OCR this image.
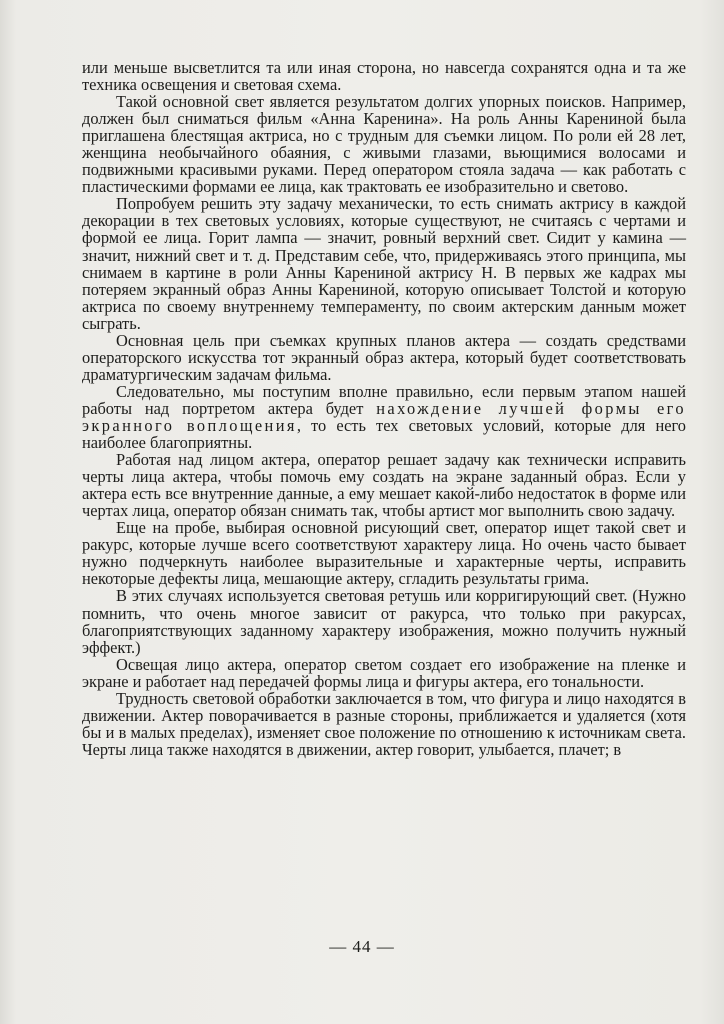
или меньше высветлится та или иная сторона, но навсегда сохранятся одна и та же техника освещения и световая схема.

Такой основной свет является результатом долгих упорных поисков. Например, должен был сниматься фильм «Анна Каренина». На роль Анны Карениной была приглашена блестящая актриса, но с трудным для съемки лицом. По роли ей 28 лет, женщина необычайного обаяния, с живыми глазами, вьющимися волосами и подвижными красивыми руками. Перед оператором стояла задача — как работать с пластическими формами ее лица, как трактовать ее изобразительно и светово.

Попробуем решить эту задачу механически, то есть снимать актрису в каждой декорации в тех световых условиях, которые существуют, не считаясь с чертами и формой ее лица. Горит лампа — значит, ровный верхний свет. Сидит у камина — значит, нижний свет и т. д. Представим себе, что, придерживаясь этого принципа, мы снимаем в картине в роли Анны Карениной актрису Н. В первых же кадрах мы потеряем экранный образ Анны Карениной, которую описывает Толстой и которую актриса по своему внутреннему темпераменту, по своим актерским данным может сыграть.

Основная цель при съемках крупных планов актера — создать средствами операторского искусства тот экранный образ актера, который будет соответствовать драматургическим задачам фильма.

Следовательно, мы поступим вполне правильно, если первым этапом нашей работы над портретом актера будет нахождение лучшей формы его экранного воплощения, то есть тех световых условий, которые для него наиболее благоприятны.

Работая над лицом актера, оператор решает задачу как технически исправить черты лица актера, чтобы помочь ему создать на экране заданный образ. Если у актера есть все внутренние данные, а ему мешает какой-либо недостаток в форме или чертах лица, оператор обязан снимать так, чтобы артист мог выполнить свою задачу.

Еще на пробе, выбирая основной рисующий свет, оператор ищет такой свет и ракурс, которые лучше всего соответствуют характеру лица. Но очень часто бывает нужно подчеркнуть наиболее выразительные и характерные черты, исправить некоторые дефекты лица, мешающие актеру, сгладить результаты грима.

В этих случаях используется световая ретушь или корригирующий свет. (Нужно помнить, что очень многое зависит от ракурса, что только при ракурсах, благоприятствующих заданному характеру изображения, можно получить нужный эффект.)

Освещая лицо актера, оператор светом создает его изображение на пленке и экране и работает над передачей формы лица и фигуры актера, его тональности.

Трудность световой обработки заключается в том, что фигура и лицо находятся в движении. Актер поворачивается в разные стороны, приближается и удаляется (хотя бы и в малых пределах), изменяет свое положение по отношению к источникам света. Черты лица также находятся в движении, актер говорит, улыбается, плачет; в

— 44 —
